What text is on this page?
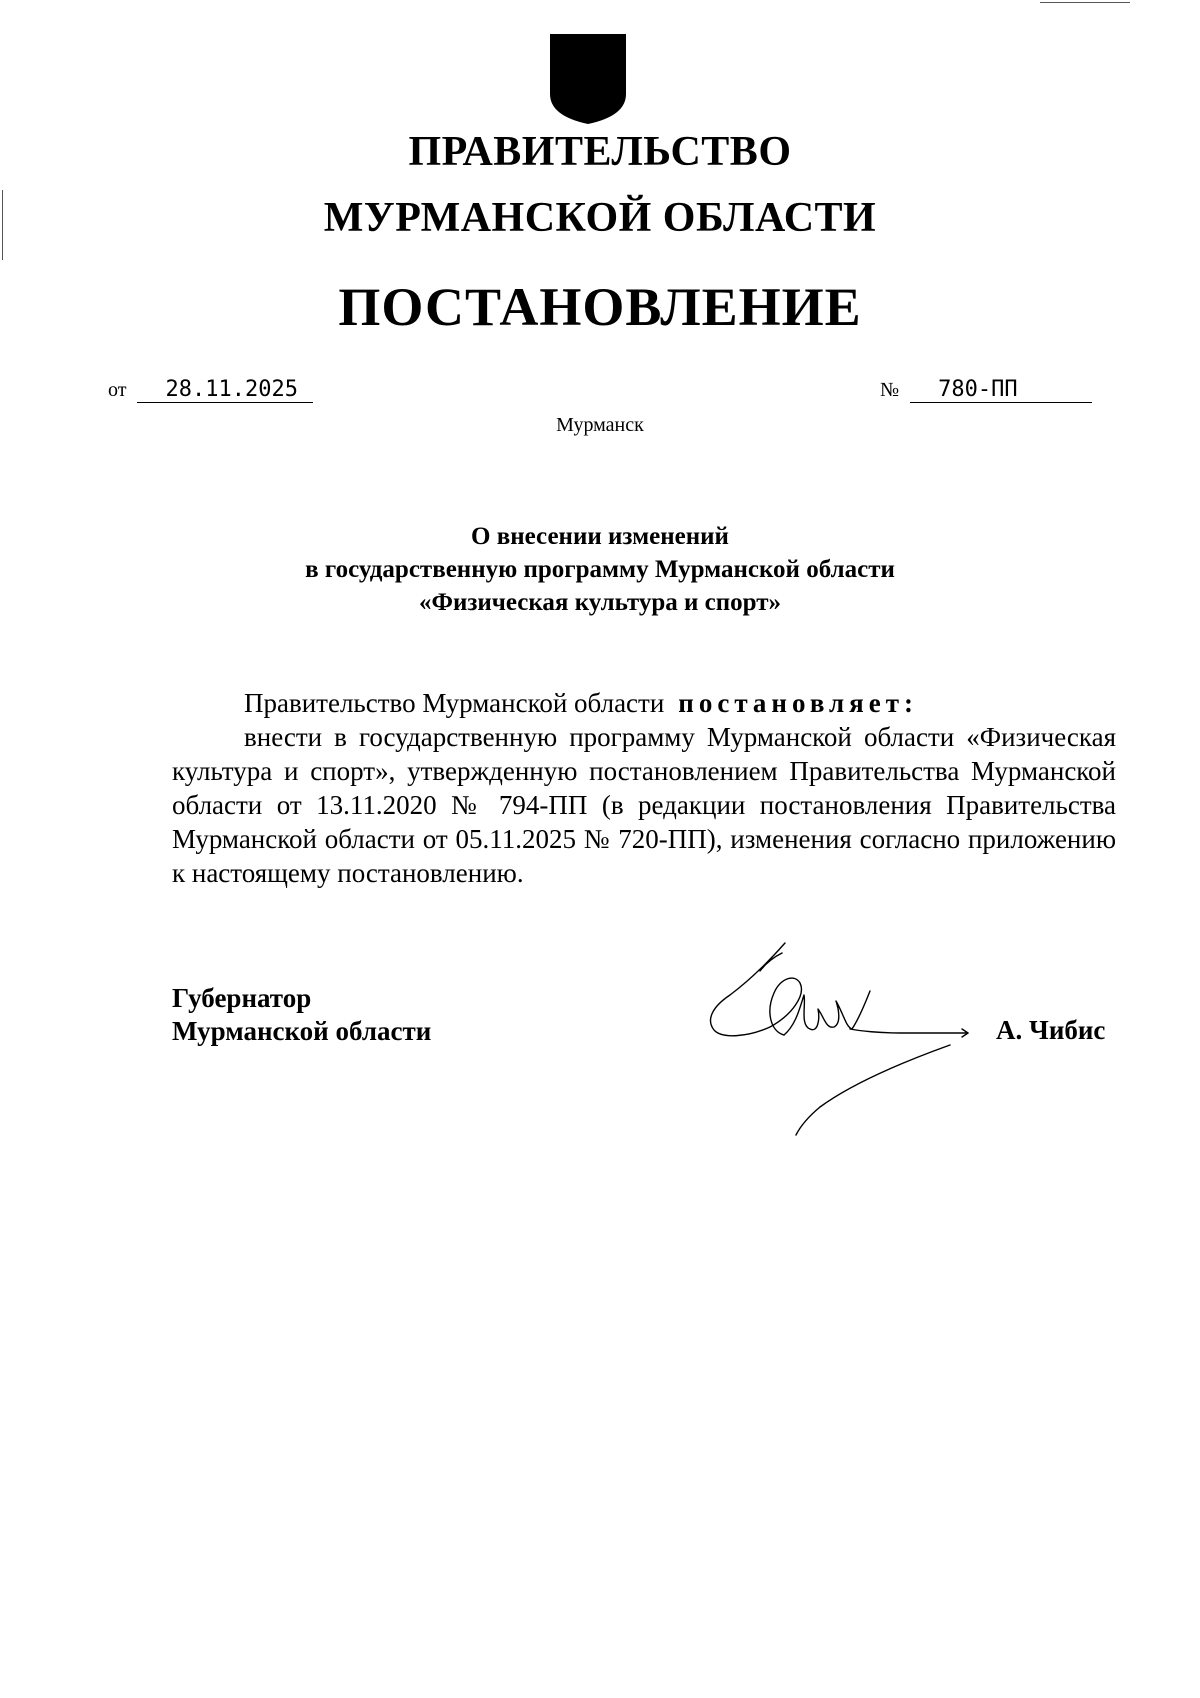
ПРАВИТЕЛЬСТВО
МУРМАНСКОЙ ОБЛАСТИ
ПОСТАНОВЛЕНИЕ
от 28.11.2025	№ 780-ПП
Мурманск
О внесении изменений
в государственную программу Мурманской области
«Физическая культура и спорт»

Правительство Мурманской области постановляет:

внести в государственную программу Мурманской области «Физическая культура и спорт», утвержденную постановлением Правительства Мурманской области от 13.11.2020 № 794-ПП (в редакции постановления Правительства Мурманской области от 05.11.2025 № 720-ПП), изменения согласно приложению к настоящему постановлению.

Губернатор
Мурманской области	А. Чибис
